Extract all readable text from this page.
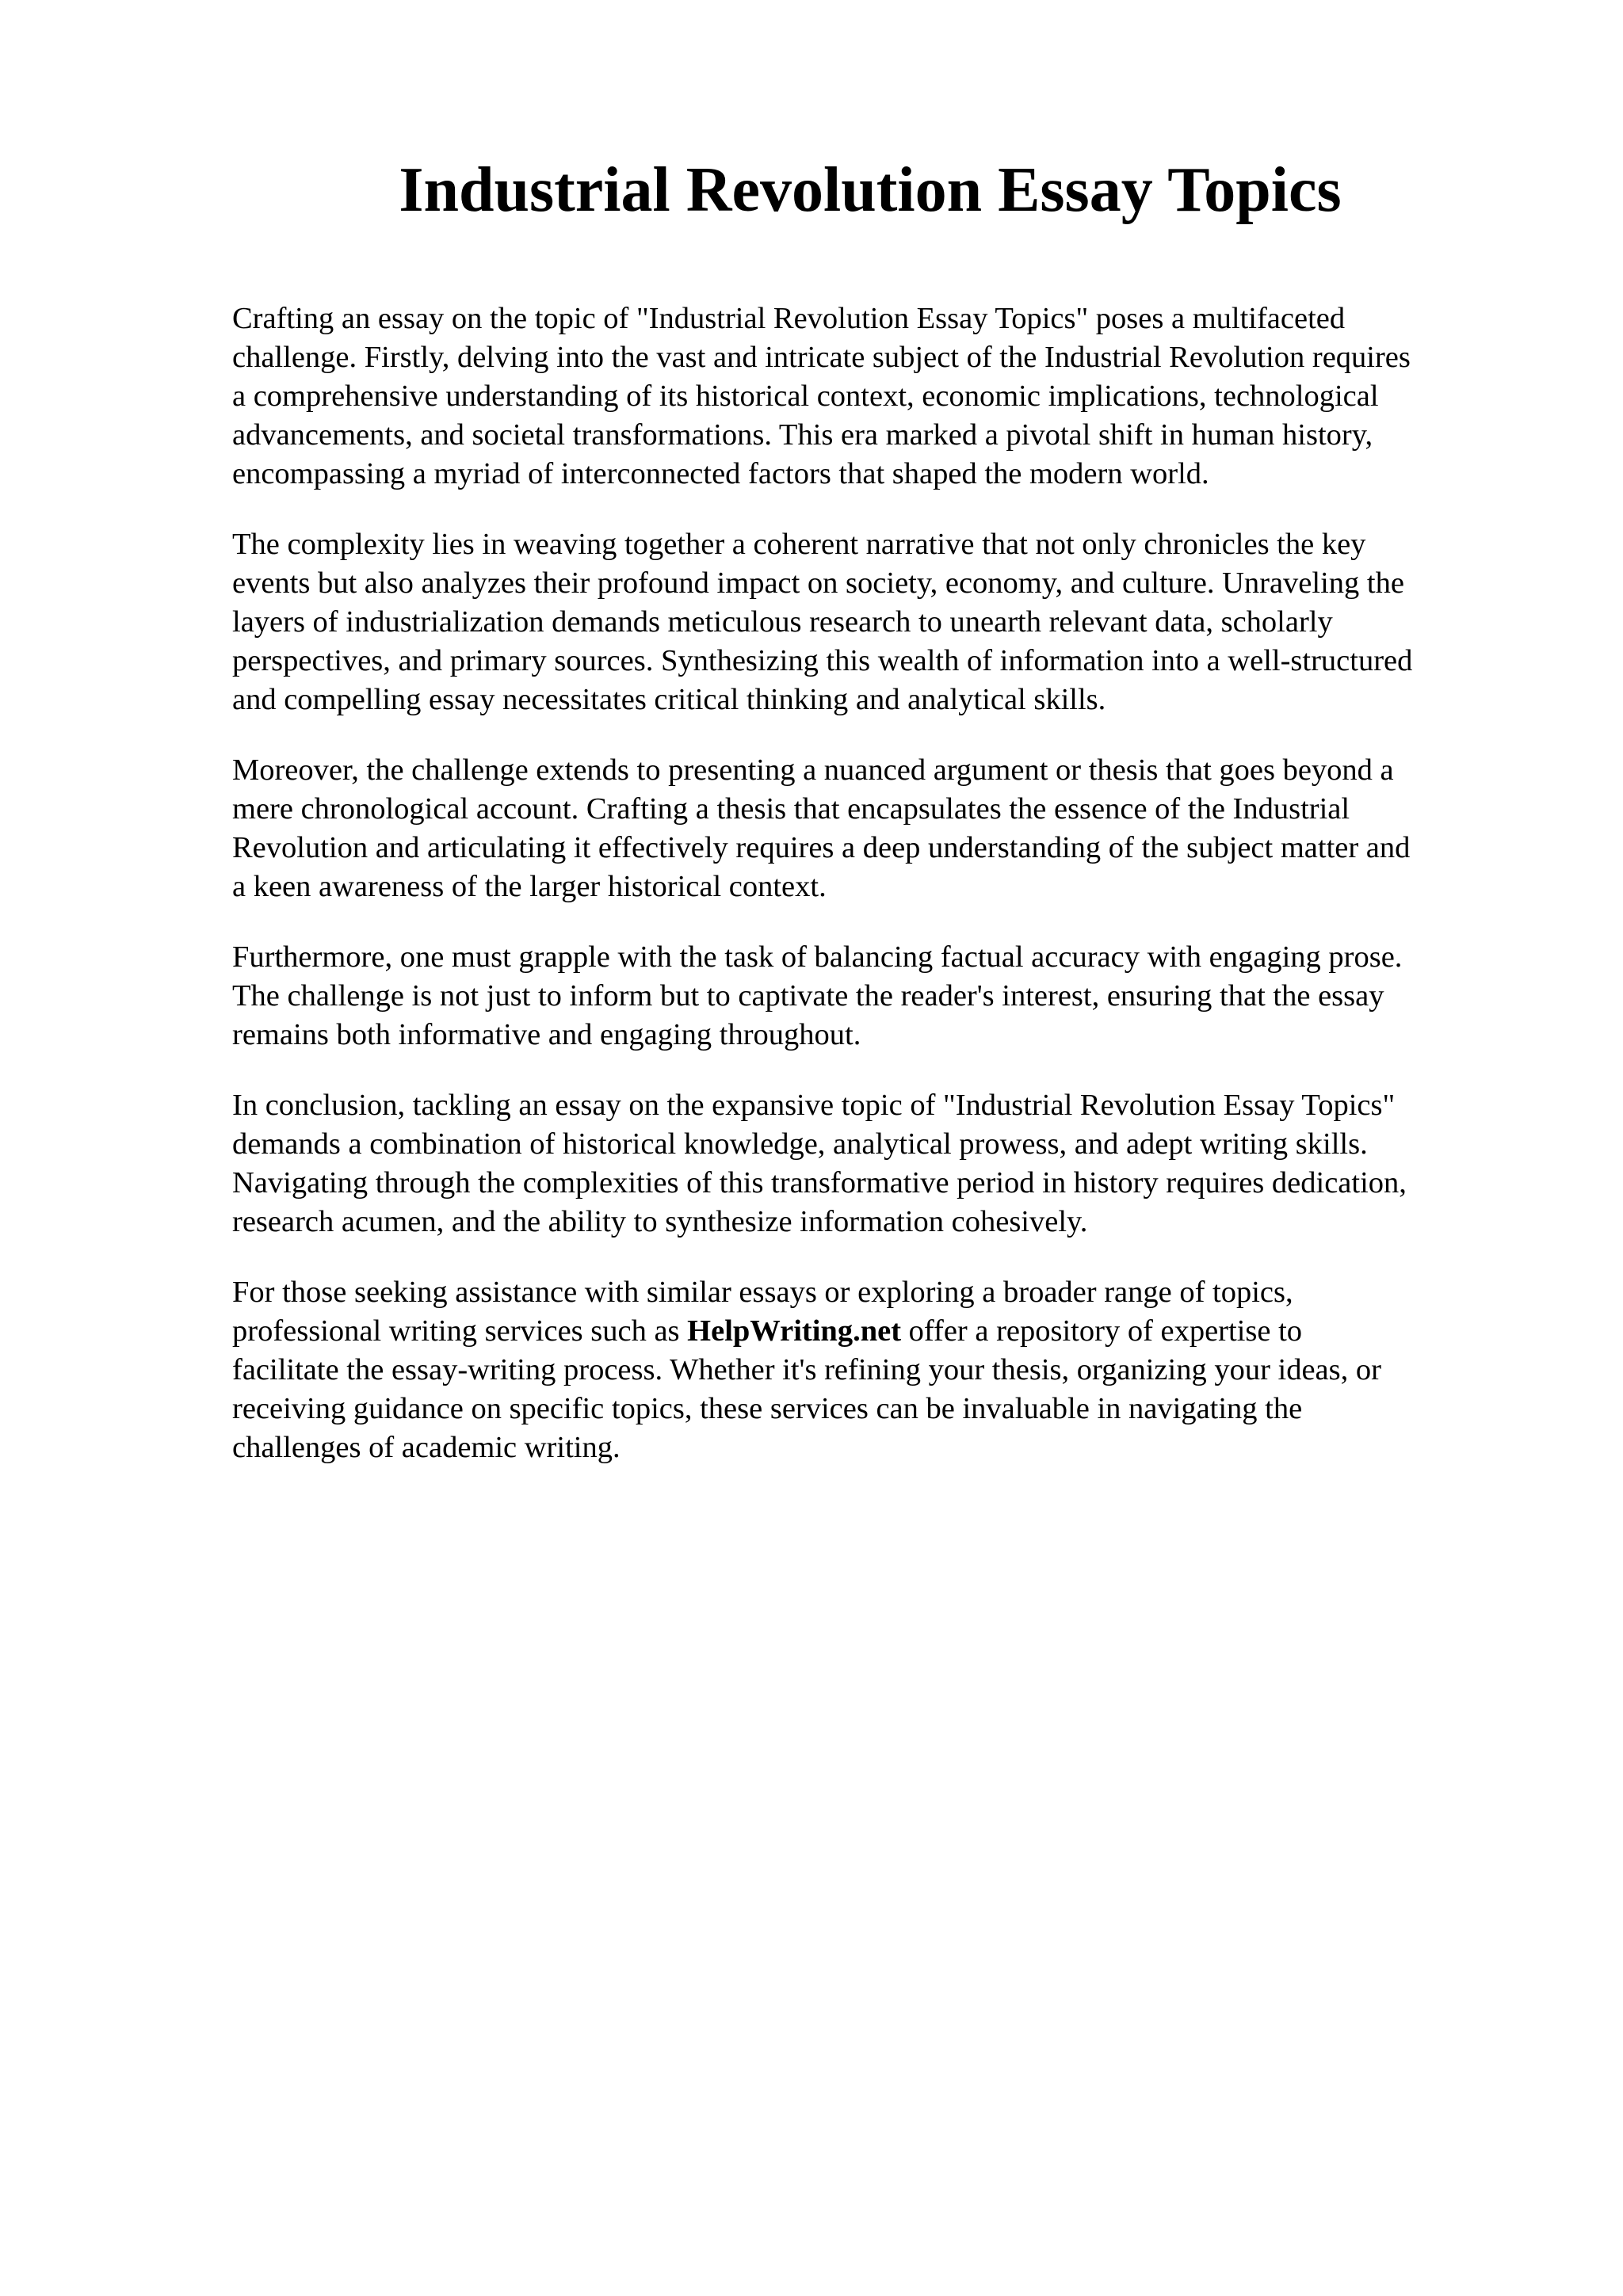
Industrial Revolution Essay Topics

Crafting an essay on the topic of "Industrial Revolution Essay Topics" poses a multifaceted
challenge. Firstly, delving into the vast and intricate subject of the Industrial Revolution requires
a comprehensive understanding of its historical context, economic implications, technological
advancements, and societal transformations. This era marked a pivotal shift in human history,
encompassing a myriad of interconnected factors that shaped the modern world.

The complexity lies in weaving together a coherent narrative that not only chronicles the key
events but also analyzes their profound impact on society, economy, and culture. Unraveling the
layers of industrialization demands meticulous research to unearth relevant data, scholarly
perspectives, and primary sources. Synthesizing this wealth of information into a well-structured
and compelling essay necessitates critical thinking and analytical skills.

Moreover, the challenge extends to presenting a nuanced argument or thesis that goes beyond a
mere chronological account. Crafting a thesis that encapsulates the essence of the Industrial
Revolution and articulating it effectively requires a deep understanding of the subject matter and
a keen awareness of the larger historical context.

Furthermore, one must grapple with the task of balancing factual accuracy with engaging prose.
The challenge is not just to inform but to captivate the reader's interest, ensuring that the essay
remains both informative and engaging throughout.

In conclusion, tackling an essay on the expansive topic of "Industrial Revolution Essay Topics"
demands a combination of historical knowledge, analytical prowess, and adept writing skills.
Navigating through the complexities of this transformative period in history requires dedication,
research acumen, and the ability to synthesize information cohesively.

For those seeking assistance with similar essays or exploring a broader range of topics,
professional writing services such as HelpWriting.net offer a repository of expertise to
facilitate the essay-writing process. Whether it's refining your thesis, organizing your ideas, or
receiving guidance on specific topics, these services can be invaluable in navigating the
challenges of academic writing.
